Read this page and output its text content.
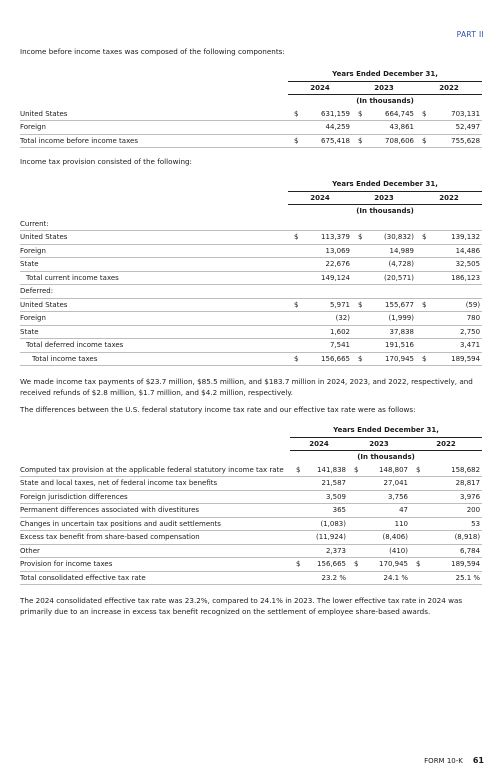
PART II
Income before income taxes was composed of the following components:
	Years Ended December 31,					
	2024		2023		2022	
	(In thousands)					
United States	$	631,159	$	664,745	$	703,131
Foreign		44,259		43,861		52,497
Total income before income taxes	$	675,418	$	708,606	$	755,628
Income tax provision consisted of the following:
	Years Ended December 31,					
	2024		2023		2022	
	(In thousands)					
Current:						
United States	$	113,379	$	(30,832)	$	139,132
Foreign		13,069		14,989		14,486
State		22,676		(4,728)		32,505
Total current income taxes		149,124		(20,571)		186,123
Deferred:						
United States	$	5,971	$	155,677	$	(59)
Foreign		(32)		(1,999)		780
State		1,602		37,838		2,750
Total deferred income taxes		7,541		191,516		3,471
Total income taxes	$	156,665	$	170,945	$	189,594
We made income tax payments of $23.7 million, $85.5 million, and $183.7 million in 2024, 2023, and 2022, respectively, and received refunds of $2.8 million, $1.7 million, and $4.2 million, respectively.
The differences between the U.S. federal statutory income tax rate and our effective tax rate were as follows:
	Years Ended December 31,					
	2024		2023		2022	
	(In thousands)					
Computed tax provision at the applicable federal statutory income tax rate	$	141,838	$	148,807	$	158,682
State and local taxes, net of federal income tax benefits		21,587		27,041		28,817
Foreign jurisdiction differences		3,509		3,756		3,976
Permanent differences associated with divestitures		365		47		200
Changes in uncertain tax positions and audit settlements		(1,083)		110		53
Excess tax benefit from share-based compensation		(11,924)		(8,406)		(8,918)
Other		2,373		(410)		6,784
Provision for income taxes	$	156,665	$	170,945	$	189,594
Total consolidated effective tax rate		23.2 %		24.1 %		25.1 %
The 2024 consolidated effective tax rate was 23.2%, compared to 24.1% in 2023. The lower effective tax rate in 2024 was primarily due to an increase in excess tax benefit recognized on the settlement of employee share-based awards.
FORM 10-K 61
